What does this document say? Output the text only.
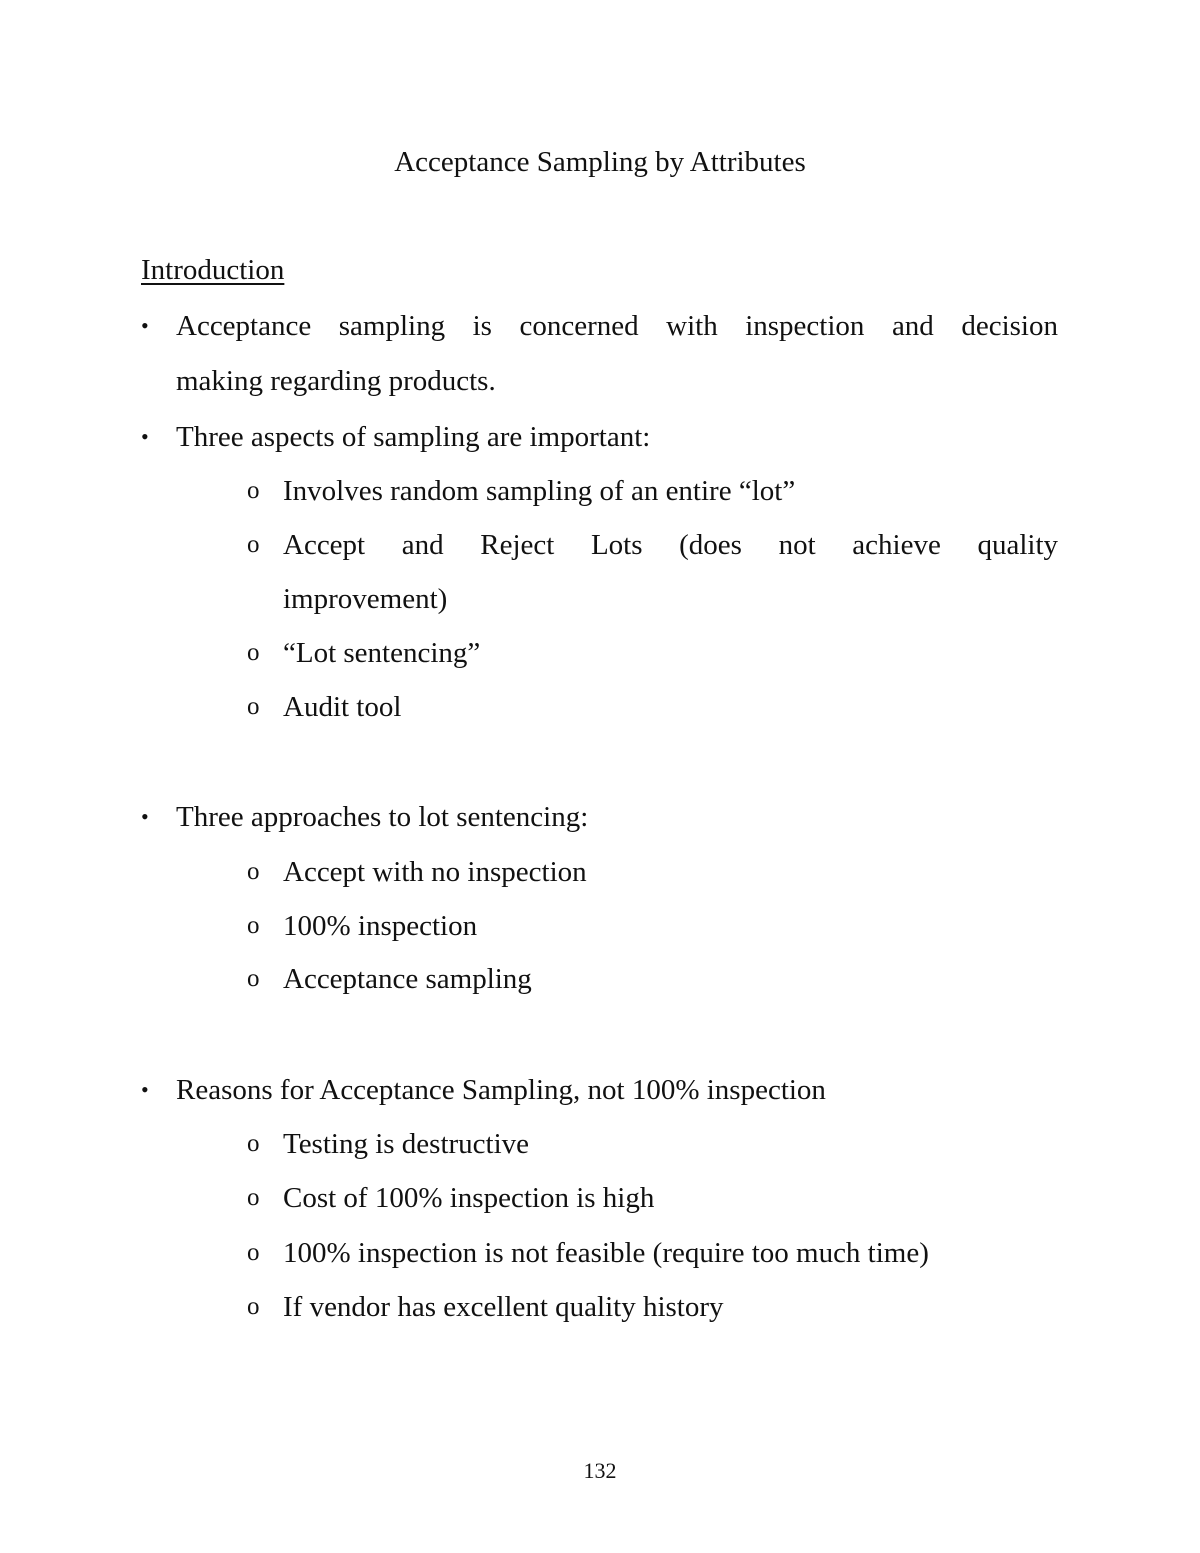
Acceptance Sampling by Attributes
Introduction
• Acceptance sampling is concerned with inspection and decision
making regarding products.
• Three aspects of sampling are important:
o Involves random sampling of an entire “lot”
o Accept and Reject Lots (does not achieve quality
improvement)
o “Lot sentencing”
o Audit tool
• Three approaches to lot sentencing:
o Accept with no inspection
o 100% inspection
o Acceptance sampling
• Reasons for Acceptance Sampling, not 100% inspection
o Testing is destructive
o Cost of 100% inspection is high
o 100% inspection is not feasible (require too much time)
o If vendor has excellent quality history
132
